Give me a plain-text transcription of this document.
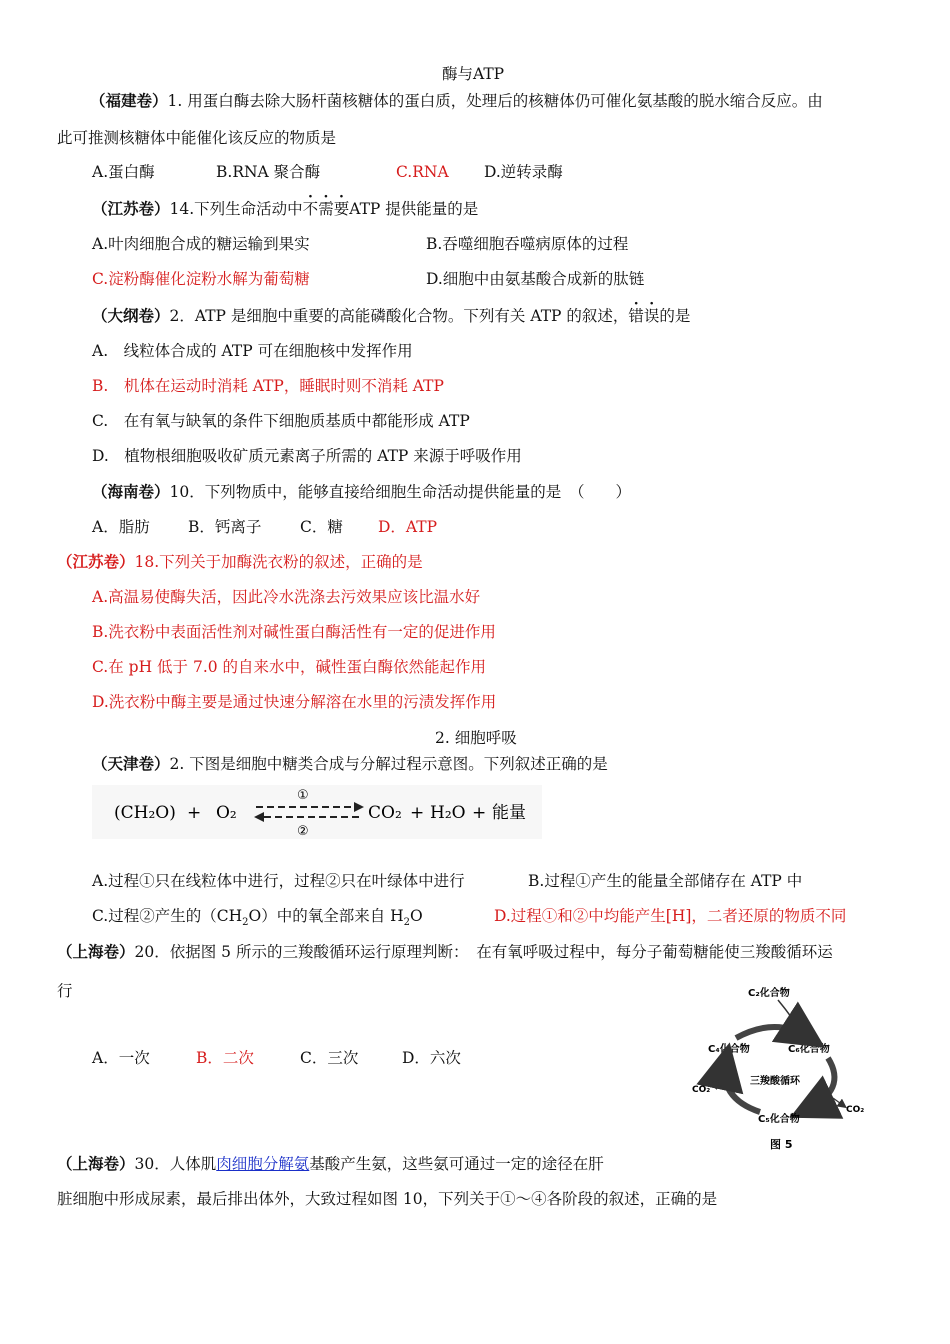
酶与ATP
（福建卷）1. 用蛋白酶去除大肠杆菌核糖体的蛋白质，处理后的核糖体仍可催化氨基酸的脱水缩合反应。由
此可推测核糖体中能催化该反应的物质是
A.蛋白酶	B.RNA 聚合酶	C.RNA D.逆转录酶
（江苏卷）14.下列生命活动中不需要ATP 提供能量的是
A.叶肉细胞合成的糖运输到果实	B.吞噬细胞吞噬病原体的过程
C.淀粉酶催化淀粉水解为葡萄糖	D.细胞中由氨基酸合成新的肽链
（大纲卷）2．ATP 是细胞中重要的高能磷酸化合物。下列有关 ATP 的叙述，错误的是
A.　线粒体合成的 ATP 可在细胞核中发挥作用
B.　机体在运动时消耗 ATP，睡眠时则不消耗 ATP
C.　在有氧与缺氧的条件下细胞质基质中都能形成 ATP
D.　植物根细胞吸收矿质元素离子所需的 ATP 来源于呼吸作用
（海南卷）10．下列物质中，能够直接给细胞生命活动提供能量的是　（　　）
A．脂肪 B．钙离子 C．糖 D．ATP
（江苏卷）18.下列关于加酶洗衣粉的叙述，正确的是
A.高温易使酶失活，因此冷水洗涤去污效果应该比温水好
B.洗衣粉中表面活性剂对碱性蛋白酶活性有一定的促进作用
C.在 pH 低于 7.0 的自来水中，碱性蛋白酶依然能起作用
D.洗衣粉中酶主要是通过快速分解溶在水里的污渍发挥作用
2. 细胞呼吸
（天津卷）2. 下图是细胞中糖类合成与分解过程示意图。下列叙述正确的是
(CH₂O) + O₂
①
②
CO₂ + H₂O + 能量
A.过程①只在线粒体中进行，过程②只在叶绿体中进行	B.过程①产生的能量全部储存在 ATP 中
C.过程②产生的$(CH_2O)$中的氧全部来自 $H_2O$	D.过程①和②中均能产生[H]，二者还原的物质不同
（上海卷）20．依据图 5 所示的三羧酸循环运行原理判断：　在有氧呼吸过程中，每分子葡萄糖能使三羧酸循环运
行
A．一次	B．二次	C．三次	D．六次
C₂化合物
C₄化合物	C₆化合物
三羧酸循环
C₅化合物
CO₂
CO₂
图 5
（上海卷）30．人体肌肉细胞分解氨基酸产生氨，这些氨可通过一定的途径在肝
脏细胞中形成尿素，最后排出体外，大致过程如图 10，下列关于①～④各阶段的叙述，正确的是
